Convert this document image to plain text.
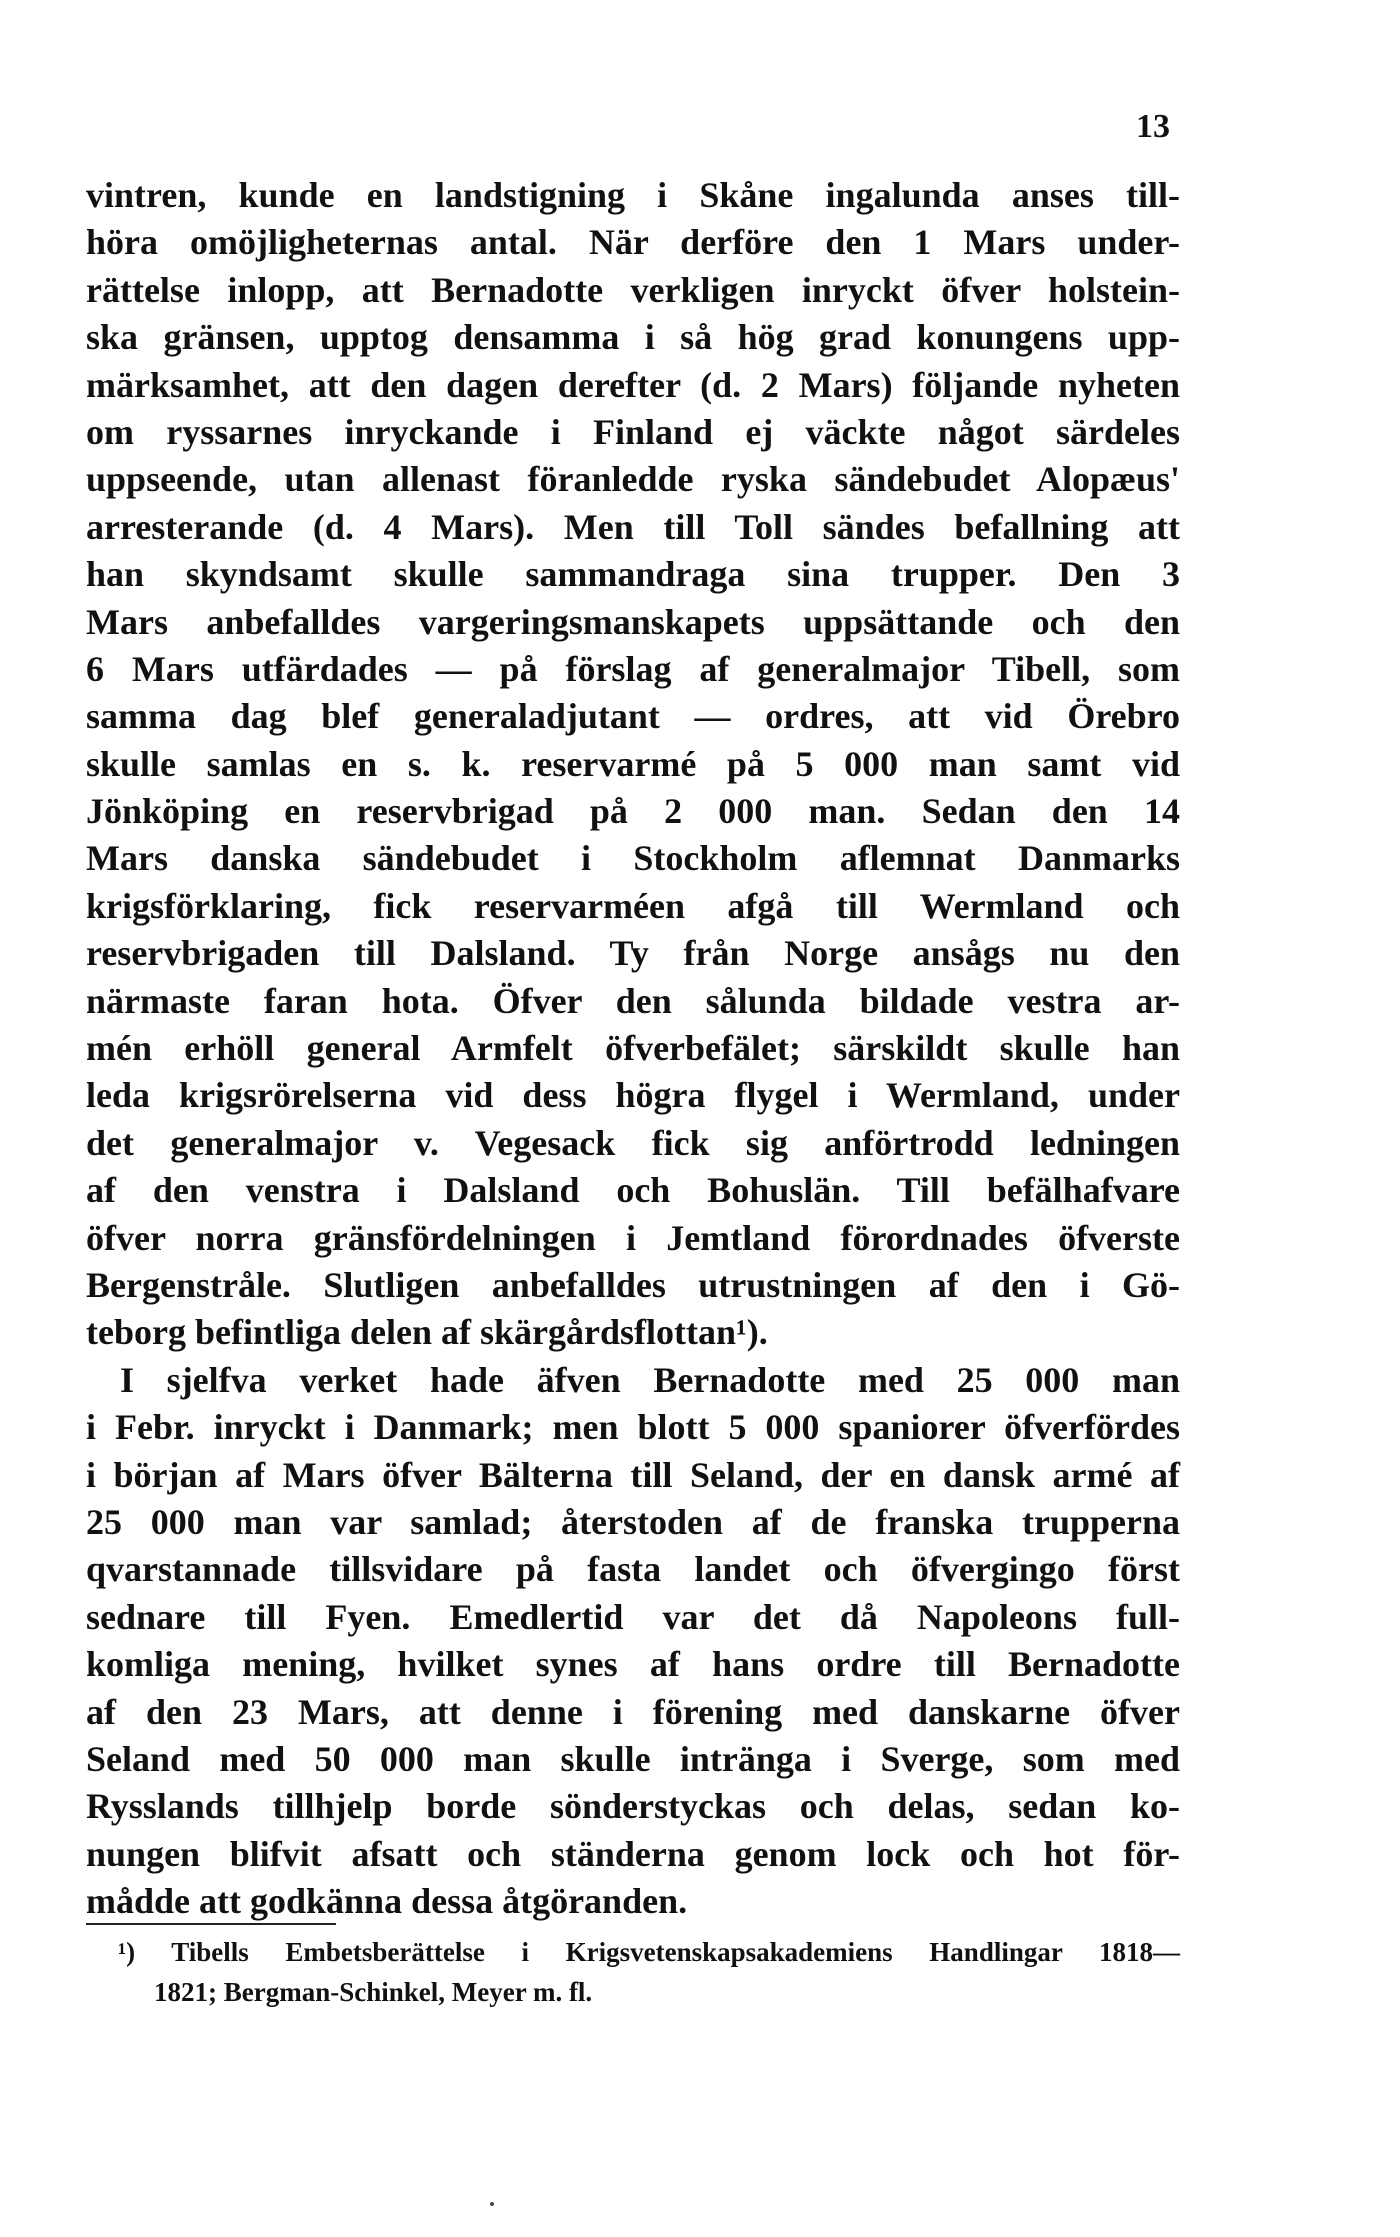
13
vintren, kunde en landstigning i Skåne ingalunda anses till-
höra omöjligheternas antal. När derföre den 1 Mars under-
rättelse inlopp, att Bernadotte verkligen inryckt öfver holstein-
ska gränsen, upptog densamma i så hög grad konungens upp-
märksamhet, att den dagen derefter (d. 2 Mars) följande nyheten
om ryssarnes inryckande i Finland ej väckte något särdeles
uppseende, utan allenast föranledde ryska sändebudet Alopæus'
arresterande (d. 4 Mars). Men till Toll sändes befallning att
han skyndsamt skulle sammandraga sina trupper. Den 3
Mars anbefalldes vargeringsmanskapets uppsättande och den
6 Mars utfärdades — på förslag af generalmajor Tibell, som
samma dag blef generaladjutant — ordres, att vid Örebro
skulle samlas en s. k. reservarmé på 5 000 man samt vid
Jönköping en reservbrigad på 2 000 man. Sedan den 14
Mars danska sändebudet i Stockholm aflemnat Danmarks
krigsförklaring, fick reservarméen afgå till Wermland och
reservbrigaden till Dalsland. Ty från Norge ansågs nu den
närmaste faran hota. Öfver den sålunda bildade vestra ar-
mén erhöll general Armfelt öfverbefälet; särskildt skulle han
leda krigsrörelserna vid dess högra flygel i Wermland, under
det generalmajor v. Vegesack fick sig anförtrodd ledningen
af den venstra i Dalsland och Bohuslän. Till befälhafvare
öfver norra gränsfördelningen i Jemtland förordnades öfverste
Bergenstråle. Slutligen anbefalldes utrustningen af den i Gö-
teborg befintliga delen af skärgårdsflottan¹).
I sjelfva verket hade äfven Bernadotte med 25 000 man
i Febr. inryckt i Danmark; men blott 5 000 spaniorer öfverfördes
i början af Mars öfver Bälterna till Seland, der en dansk armé af
25 000 man var samlad; återstoden af de franska trupperna
qvarstannade tillsvidare på fasta landet och öfvergingo först
sednare till Fyen. Emedlertid var det då Napoleons full-
komliga mening, hvilket synes af hans ordre till Bernadotte
af den 23 Mars, att denne i förening med danskarne öfver
Seland med 50 000 man skulle intränga i Sverge, som med
Rysslands tillhjelp borde sönderstyckas och delas, sedan ko-
nungen blifvit afsatt och ständerna genom lock och hot för-
mådde att godkänna dessa åtgöranden.
¹) Tibells Embetsberättelse i Krigsvetenskapsakademiens Handlingar 1818—
1821; Bergman-Schinkel, Meyer m. fl.
